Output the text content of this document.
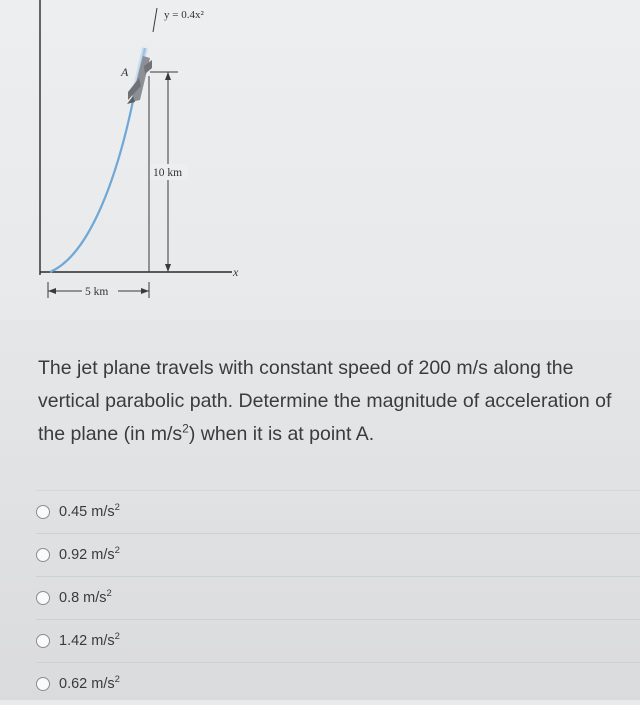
x
A
y = 0.4x²
10 km
5 km
The jet plane travels with constant speed of 200 m/s along the vertical parabolic path. Determine the magnitude of acceleration of the plane (in $m/s^2$) when it is at point A.
0.45 $m/s^2$
0.92 $m/s^2$
0.8 $m/s^2$
1.42 $m/s^2$
0.62 $m/s^2$
